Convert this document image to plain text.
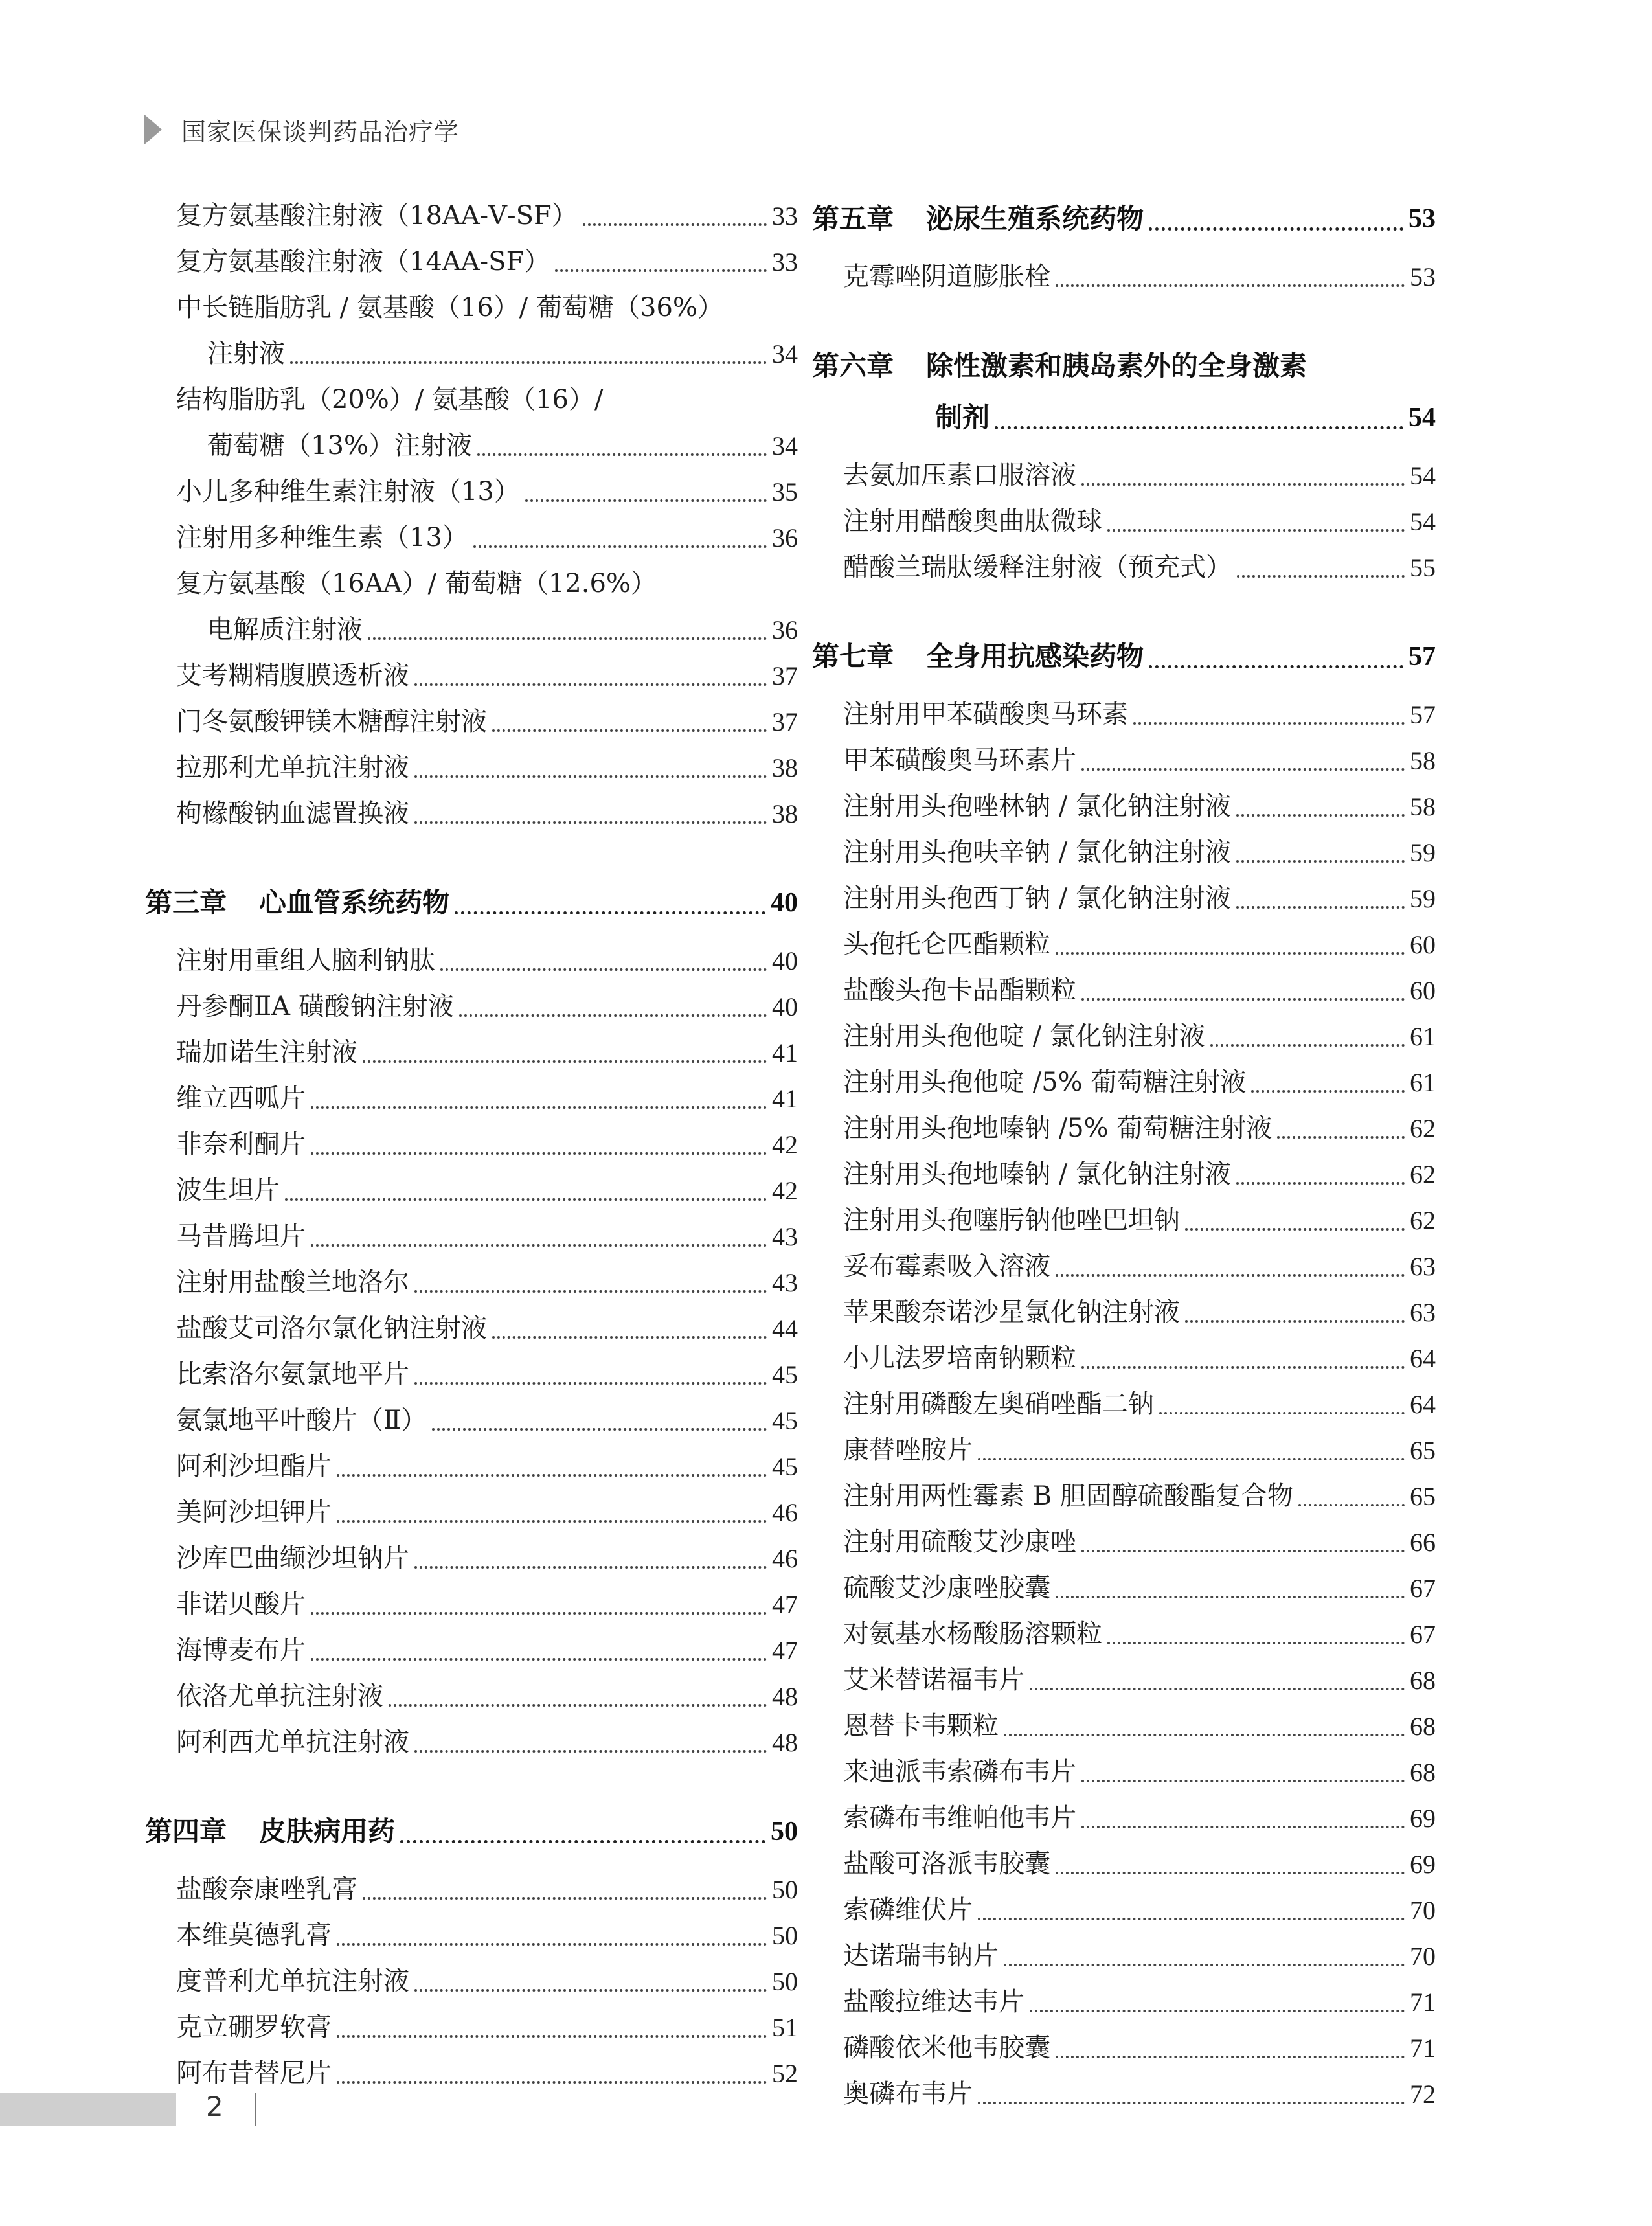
国家医保谈判药品治疗学
复方氨基酸注射液（18AA-Ⅴ-SF）	33
复方氨基酸注射液（14AA-SF）	33
中长链脂肪乳 / 氨基酸（16）/ 葡萄糖（36%）
注射液	34
结构脂肪乳（20%）/ 氨基酸（16）/
葡萄糖（13%）注射液	34
小儿多种维生素注射液（13）	35
注射用多种维生素（13）	36
复方氨基酸（16AA）/ 葡萄糖（12.6%）
电解质注射液	36
艾考糊精腹膜透析液	37
门冬氨酸钾镁木糖醇注射液	37
拉那利尤单抗注射液	38
枸橼酸钠血滤置换液	38
第三章 心血管系统药物	40
注射用重组人脑利钠肽	40
丹参酮ⅡA 磺酸钠注射液	40
瑞加诺生注射液	41
维立西呱片	41
非奈利酮片	42
波生坦片	42
马昔腾坦片	43
注射用盐酸兰地洛尔	43
盐酸艾司洛尔氯化钠注射液	44
比索洛尔氨氯地平片	45
氨氯地平叶酸片（Ⅱ）	45
阿利沙坦酯片	45
美阿沙坦钾片	46
沙库巴曲缬沙坦钠片	46
非诺贝酸片	47
海博麦布片	47
依洛尤单抗注射液	48
阿利西尤单抗注射液	48
第四章 皮肤病用药	50
盐酸奈康唑乳膏	50
本维莫德乳膏	50
度普利尤单抗注射液	50
克立硼罗软膏	51
阿布昔替尼片	52
第五章 泌尿生殖系统药物	53
克霉唑阴道膨胀栓	53
第六章 除性激素和胰岛素外的全身激素
制剂	54
去氨加压素口服溶液	54
注射用醋酸奥曲肽微球	54
醋酸兰瑞肽缓释注射液（预充式）	55
第七章 全身用抗感染药物	57
注射用甲苯磺酸奥马环素	57
甲苯磺酸奥马环素片	58
注射用头孢唑林钠 / 氯化钠注射液	58
注射用头孢呋辛钠 / 氯化钠注射液	59
注射用头孢西丁钠 / 氯化钠注射液	59
头孢托仑匹酯颗粒	60
盐酸头孢卡品酯颗粒	60
注射用头孢他啶 / 氯化钠注射液	61
注射用头孢他啶 /5% 葡萄糖注射液	61
注射用头孢地嗪钠 /5% 葡萄糖注射液	62
注射用头孢地嗪钠 / 氯化钠注射液	62
注射用头孢噻肟钠他唑巴坦钠	62
妥布霉素吸入溶液	63
苹果酸奈诺沙星氯化钠注射液	63
小儿法罗培南钠颗粒	64
注射用磷酸左奥硝唑酯二钠	64
康替唑胺片	65
注射用两性霉素 B 胆固醇硫酸酯复合物	65
注射用硫酸艾沙康唑	66
硫酸艾沙康唑胶囊	67
对氨基水杨酸肠溶颗粒	67
艾米替诺福韦片	68
恩替卡韦颗粒	68
来迪派韦索磷布韦片	68
索磷布韦维帕他韦片	69
盐酸可洛派韦胶囊	69
索磷维伏片	70
达诺瑞韦钠片	70
盐酸拉维达韦片	71
磷酸依米他韦胶囊	71
奥磷布韦片	72
2
